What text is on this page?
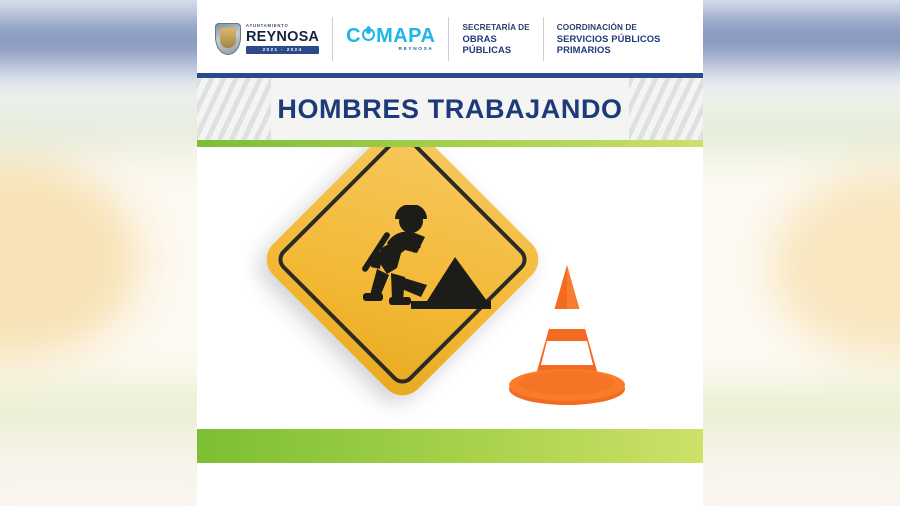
AYUNTAMIENTO
REYNOSA
2021 - 2024
C MAPA
REYNOSA
SECRETARÍA DE
OBRAS
PÚBLICAS
COORDINACIÓN DE
SERVICIOS PÚBLICOS
PRIMARIOS
HOMBRES TRABAJANDO
